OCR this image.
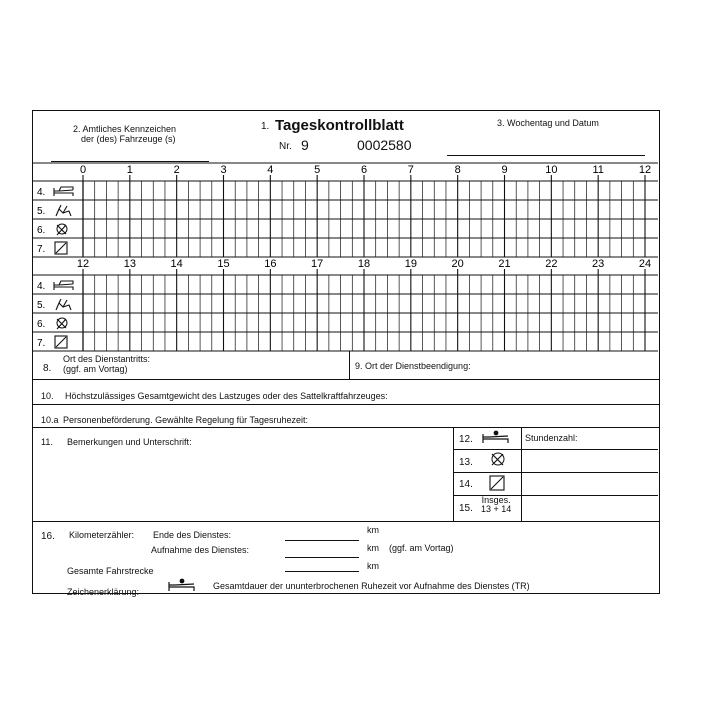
2. Amtliches Kennzeichen
der (des) Fahrzeuge (s)
1. Tageskontrollblatt
Nr. 9	0002580
3. Wochentag und Datum
0	1	2	3	4	5	6	7	8	9	10	11	12
4.
5.
6.
7.
12	13	14	15	16	17	18	19	20	21	22	23	24
4.
5.
6.
7.
8.
Ort des Dienstantritts:
(ggf. am Vortag)	9. Ort der Dienstbeendigung:
10. Höchstzulässiges Gesamtgewicht des Lastzuges oder des Sattelkraftfahrzeuges:
10.a Personenbeförderung. Gewählte Regelung für Tagesruhezeit:
11. Bemerkungen und Unterschrift:	12.	Stundenzahl:
13.
14.
15.
Insges.
13 + 14
16. Kilometerzähler: Ende des Dienstes:	km
Aufnahme des Dienstes:	km (ggf. am Vortag)
Gesamte Fahrstrecke	km
Zeichenerklärung:
Gesamtdauer der ununterbrochenen Ruhezeit vor Aufnahme des Dienstes (TR)
